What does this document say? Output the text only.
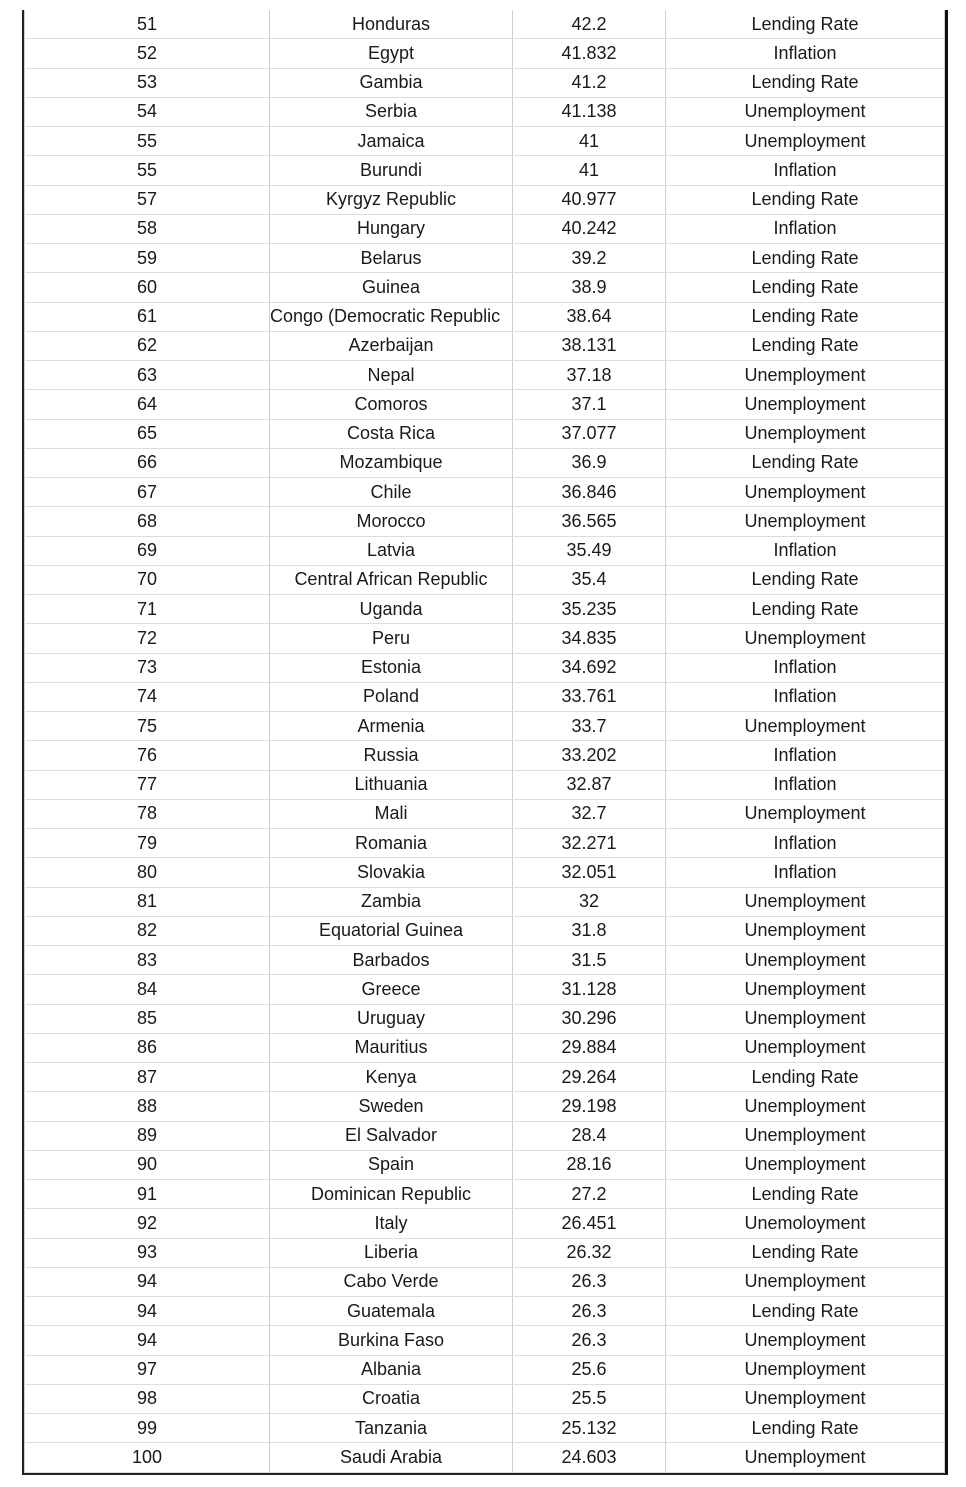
51	Honduras	42.2	Lending Rate
52	Egypt	41.832	Inflation
53	Gambia	41.2	Lending Rate
54	Serbia	41.138	Unemployment
55	Jamaica	41	Unemployment
55	Burundi	41	Inflation
57	Kyrgyz Republic	40.977	Lending Rate
58	Hungary	40.242	Inflation
59	Belarus	39.2	Lending Rate
60	Guinea	38.9	Lending Rate
61	Congo (Democratic Republic	38.64	Lending Rate
62	Azerbaijan	38.131	Lending Rate
63	Nepal	37.18	Unemployment
64	Comoros	37.1	Unemployment
65	Costa Rica	37.077	Unemployment
66	Mozambique	36.9	Lending Rate
67	Chile	36.846	Unemployment
68	Morocco	36.565	Unemployment
69	Latvia	35.49	Inflation
70	Central African Republic	35.4	Lending Rate
71	Uganda	35.235	Lending Rate
72	Peru	34.835	Unemployment
73	Estonia	34.692	Inflation
74	Poland	33.761	Inflation
75	Armenia	33.7	Unemployment
76	Russia	33.202	Inflation
77	Lithuania	32.87	Inflation
78	Mali	32.7	Unemployment
79	Romania	32.271	Inflation
80	Slovakia	32.051	Inflation
81	Zambia	32	Unemployment
82	Equatorial Guinea	31.8	Unemployment
83	Barbados	31.5	Unemployment
84	Greece	31.128	Unemployment
85	Uruguay	30.296	Unemployment
86	Mauritius	29.884	Unemployment
87	Kenya	29.264	Lending Rate
88	Sweden	29.198	Unemployment
89	El Salvador	28.4	Unemployment
90	Spain	28.16	Unemployment
91	Dominican Republic	27.2	Lending Rate
92	Italy	26.451	Unemoloyment
93	Liberia	26.32	Lending Rate
94	Cabo Verde	26.3	Unemployment
94	Guatemala	26.3	Lending Rate
94	Burkina Faso	26.3	Unemployment
97	Albania	25.6	Unemployment
98	Croatia	25.5	Unemployment
99	Tanzania	25.132	Lending Rate
100	Saudi Arabia	24.603	Unemployment
